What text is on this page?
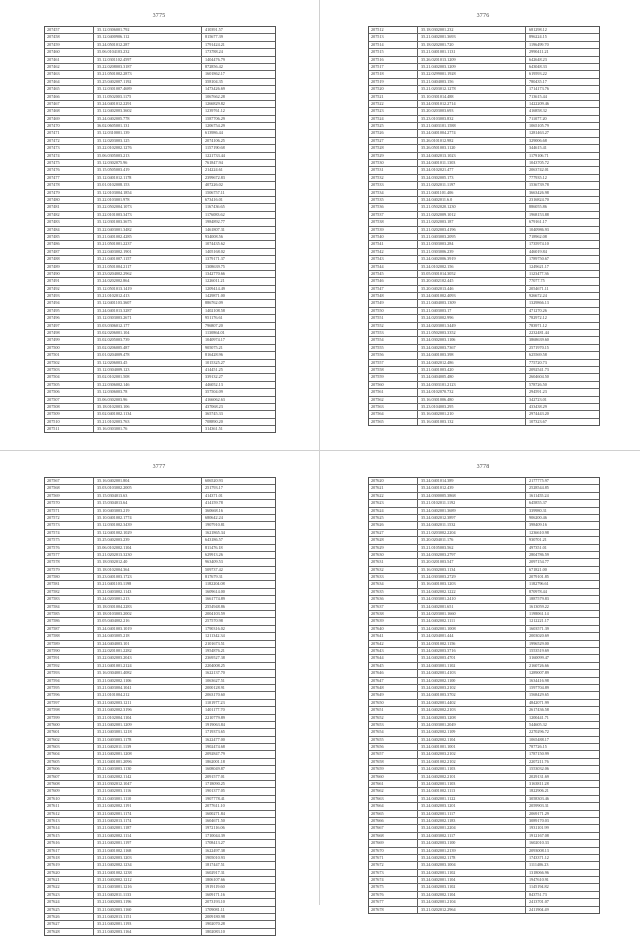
3775
207457	35.12.0306001.792	410391.57
207458	35.12.0400906.112	815677.39
207459	35.24.0501012.287	1791424.21
207460	35.06.0104103.232	173788.24
207461	35.12.0301102.4597	1404476.79
207462	35.22.0208003.3187	872856.42
207463	35.21.0501002.2873	1601862.17
207464	35.25.0402007.1192	358104.35
207465	35.12.0301007.4689	1473426.69
207466	35.11.0502003.1175	1067662.28
207467	35.24.0401012.2291	1266829.82
207468	35.12.0402003.3602	1239761.12
207469	35.24.0402005.778	1587706.29
207470	36.02.0605001.131	1206754.29
207471	35.12.0310001.139	613986.44
207472	35.12.0203003.125	2074106.25
207473	35.22.0102002.1276	1157190.68
207474	35.06.0305003.213	1221733.44
207475	35.12.0302075.96	761847.94
207476	35.15.0505003.419	214224.61
207477	35.12.0401012.1178	2399672.83
207478	35.01.0102008.153	407226.02
207479	35.12.0103004.1854	1506757.11
207480	35.22.0103001.978	673416.01
207481	35.22.0502004.1073	1167436.65
207482	35.22.0101003.3473	1176083.62
207483	35.12.0301003.3675	1984892.77
207484	35.22.0403001.3482	1461807.31
207485	35.21.0401002.4285	934008.56
207486	35.21.0501001.2237	1074435.62
207487	35.22.0403002.1901	1405168.02
207488	35.21.0401007.1157	1379171.37
207489	35.21.0501004.2117	1308639.75
207490	35.23.0204002.2962	1342770.66
207491	35.24.0202002.864	1226011.21
207492	35.12.0501013.1419	1209414.49
207493	35.21.0102012.413	1429871.00
207494	35.12.0401103.3607	886762.09
207495	35.24.0401013.3287	1402108.58
207496	35.12.0303003.2671	951176.61
207497	35.03.0306012.177	796807.20
207498	35.02.0206001.104	1130864.01
207499	35.02.0205003.739	1040974.17
207500	35.02.0206005.487	905075.21
207501	35.01.0204009.478	816428.96
207502	35.12.0206003.45	1015325.27
207503	35.12.0304009.123	414451.25
207504	35.02.0102001.508	339132.27
207505	35.22.0306002.146	446052.13
207506	35.12.0306003.78	357504.09
207507	35.06.0302003.96	4166062.63
207508	35.18.0102003.106	437068.23
207509	35.02.0401002.1134	365745.33
207510	35.21.0102003.763	708890.20
207511	35.16.0303001.76	314361.51
3776
207512	35.18.0302001.232	681298.12
207513	35.21.0402001.3693	896224.15
207514	35.18.0202001.720	1196499.70
207515	35.21.0401001.1131	2990411.21
207516	35.26.0201013.1209	642648.23
207517	35.21.0402003.1209	643048.33
207518	35.22.0299001.1928	619593.22
207519	35.21.0404003.156	780435.17
207520	35.21.0203012.1278	1714173.76
207521	35.10.0301014.488	713615.44
207522	35.24.0301012.2714	1422209.46
207523	35.20.0203003.693	416858.32
207524	35.23.0103003.832	711077.20
207525	35.21.0403101.1588	1065105.79
207526	35.24.0401004.2774	1281463.27
207527	35.26.0101012.982	329006.68
207528	35.26.0501003.1120	344615.41
207529	35.24.0402013.1023	1179106.71
207530	35.24.0401011.1303	1043705.72
207531	35.24.0102021.477	2063742.01
207532	35.24.0302005.173	777935.12
207533	35.21.0202011.1197	1536739.78
207534	35.21.0401101.406	3663426.98
207535	35.24.0402011.6.0	2316824.70
207536	35.21.0502020.1230	886055.86
207537	35.21.0202009.1012	1968153.88
207538	35.21.0202003.187	679161.17
207539	35.21.0202003.4196	1040986.93
207540	35.21.0403003.2095	718962.08
207541	35.21.0303003.284	1735974.10
207542	35.21.0303006.239	446019.84
207543	35.24.0402006.3919	1789750.67
207544	35.24.0102002.156	1249621.17
207545	35.05.0301014.3052	1123477.36
207546	35.20.0402102.445	77077.75
207547	35.20.0402013.446	2054671.11
207548	35.24.0401002.4093	926672.24
207549	35.21.0404003.1309	1329866.13
207550	35.21.0403003.17	471270.26
207551	35.24.0203002.996	782972.12
207552	35.24.0203001.3449	783971.12
207553	35.21.0502003.3352	2232481.44
207554	35.24.0302003.1106	3868639.60
207555	35.24.0402003.7367	2571970.15
207556	35.24.0401003.398	625569.58
207557	35.24.0402012.486	775720.73
207558	35.21.0401003.420	2092541.73
207559	35.24.0404005.480	2604604.50
207560	35.24.0303101.2123	578726.50
207561	35.24.0102070.732	294591.23
207562	35.16.0301006.480	342723.01
207563	35.23.0104003.295	433438.29
207564	35.16.0402001.210	2974443.20
207565	35.16.0401003.132	107323.67
3777
207567	35.16.0402001.804	606520.93
207568	35.03.0103002.2005	251793.17
207569	35.15.0304013.63	414371.01
207570	35.15.0304013.64	414159.78
207571	35.10.0403003.219	360668.16
207572	35.10.0401002.1774	680642.24
207573	35.12.0301002.3439	1907910.81
207574	35.12.0401002.1029	1621865.34
207575	35.25.0402003.239	643186.57
207576	35.06.0102002.1104	811476.18
207577	35.21.0202013.3230	629913.26
207578	35.18.0302012.40	963409.53
207579	35.18.0102004.364	509737.42
207580	35.23.0401003.1723	817679.31
207581	35.21.0401103.1198	1182204.08
207582	35.21.0403002.1143	1609614.00
207583	35.24.0203001.213	1661774.89
207584	35.18.0301004.2283	2554948.86
207585	35.18.0103003.2002	2004103.59
207586	35.05.0404002.216	257570.98
207587	35.24.0401003.1019	1790316.02
207588	35.24.0403005.218	1211342.34
207589	35.24.0404003.101	2101673.51
207590	35.22.0201001.2282	1954876.21
207591	35.22.0402003.2043	2369527.38
207592	35.21.0401001.2124	2204008.25
207593	35.16.0304001.4082	1622137.70
207594	35.21.0402002.1106	1063627.51
207595	35.21.0403004.1041	2000128.91
207596	35.21.0101004.212	2063170.60
207597	35.21.0402003.1211	1101977.23
207598	35.21.0402002.3196	1401177.70
207599	35.21.0102004.1104	2210779.89
207600	35.21.0402001.1209	1919063.84
207601	35.21.0403001.1218	1719373.65
207602	35.21.0403003.1178	1622477.00
207603	35.21.0402011.1139	1902474.68
207604	35.21.0402001.1208	2092847.79
207605	35.21.0401001.2096	1862001.18
207606	35.21.0403003.1130	1608049.87
207607	35.21.0402002.1142	2091577.01
207608	35.21.0302012.1047	1718090.25
207609	35.21.0402003.1116	1901377.05
207610	35.21.0403001.1110	1907778.41
207611	35.21.0402002.1191	2077611.10
207612	35.21.0402001.1174	1600271.84
207613	35.21.0402013.1174	1604671.50
207614	35.21.0402001.1187	1972116.06
207615	35.21.0402002.1114	1710044.39
207616	35.21.0402001.1197	1708413.27
207617	35.21.0401002.1168	1622497.38
207618	35.21.0402003.1203	1905010.93
207619	35.21.0402002.1234	1817447.51
207620	35.21.0401002.1238	1602917.31
207621	35.21.0402002.1212	1806107.66
207622	35.21.0403001.1216	1919119.60
207623	35.21.0402011.1133	1609171.16
207624	35.21.0402003.1196	2073193.10
207625	35.21.0402003.1160	1709081.11
207626	35.21.0402013.1151	2009180.98
207627	35.21.0402001.1193	1902070.28
207628	35.21.0402003.1164	1802083.10
3778
207620	35.24.0401014.389	2177775.97
207621	35.24.0401012.439	2528544.85
207622	35.24.0300005.3868	1611455.24
207623	35.21.0102011.1192	645855.37
207624	35.24.0402001.3689	339980.31
207625	35.24.0402012.3897	906200.46
207626	35.24.0402011.1532	398409.16
207627	35.21.0203002.2204	1236610.98
207628	35.20.0204011.176	930701.21
207629	35.21.0105003.562	497351.01
207630	35.24.0302003.2797	2804786.59
207631	35.20.0201003.547	2097154.77
207632	35.16.0302003.1134	671821.00
207633	35.24.0303003.2729	2079101.85
207634	35.16.0401003.1203	1182796.61
207635	35.24.0402002.1222	870978.44
207636	35.24.0303001.2410	1887579.83
207637	35.24.0402001.651	1613059.22
207638	35.24.0203001.1660	1198061.14
207639	35.24.0402002.1111	1212221.17
207640	35.24.0402001.1008	1603571.39
207641	35.24.0204001.444	2003020.69
207642	35.24.0301002.1156	1996529.00
207643	35.24.0402003.3716	1553519.69
207644	35.24.0402003.4701	3160099.47
207645	35.24.0403001.1102	2160726.66
207646	35.24.0402001.4103	1289007.89
207647	35.24.0402002.1100	1634416.98
207648	35.24.0402003.2102	1597704.89
207649	35.24.0401003.3702	1568429.65
207650	35.24.0402001.4402	4842071.99
207651	35.24.0402002.2103	2617436.58
207652	35.24.0402003.1208	1200441.71
207653	35.24.0303001.2049	544605.32
207654	35.24.0402002.1109	2270296.72
207655	35.24.0402002.1104	1065488.17
207656	35.24.0401001.1001	787726.15
207657	35.24.0402003.2102	1787150.99
207658	35.24.0401002.2102	2207211.76
207659	35.24.0402001.1103	1553032.06
207660	35.24.0402002.2101	2029131.69
207661	35.24.0402001.1103	3163811.28
207662	35.24.0401002.1113	1822906.21
207663	35.24.0402001.1122	3058303.46
207664	35.24.0402003.1201	2059903.31
207665	35.24.0402001.1117	2069171.29
207666	35.24.0402002.1183	3089170.03
207667	35.24.0402001.2204	1931101.99
207668	35.24.0403002.1117	1912167.08
207669	35.24.0402003.1100	1602010.33
207670	35.24.0402001.2139	2093008.13
207671	35.24.0402002.1178	1743371.12
207672	35.24.0402003.1004	1111406.23
207673	35.24.0402001.1102	1318066.96
207674	35.24.0402001.1104	1947610.91
207675	35.24.0402003.1102	1145194.82
207676	35.24.0402002.1104	843751.73
207677	35.24.0402001.2104	2413701.07
207678	35.21.0202012.2964	2411904.49
